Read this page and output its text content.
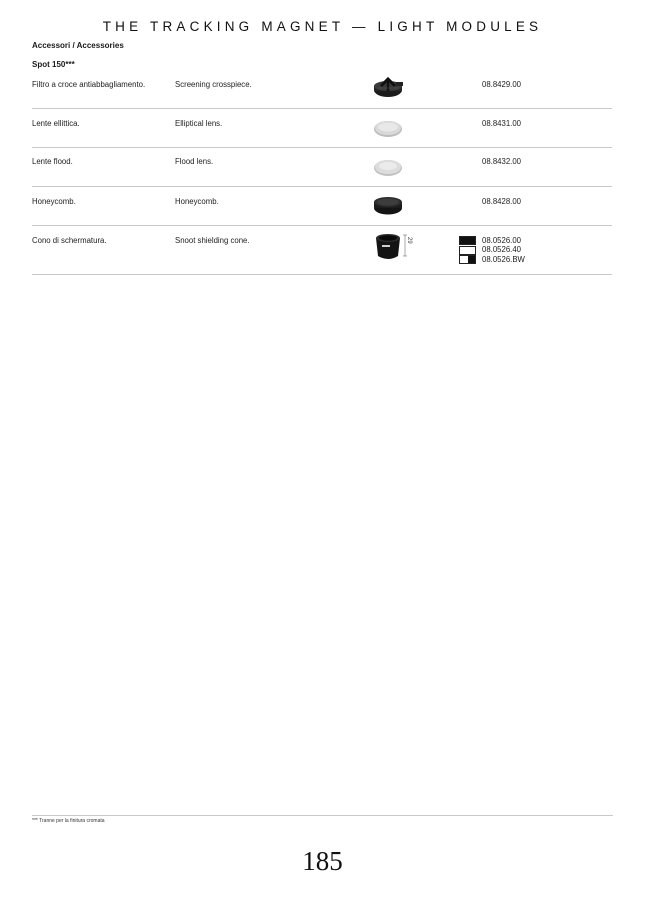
THE TRACKING MAGNET — LIGHT MODULES
Accessori / Accessories
Spot 150***
Filtro a croce antiabbagliamento.	Screening crosspiece.	08.8429.00
Lente ellittica.	Elliptical lens.	08.8431.00
Lente flood.	Flood lens.	08.8432.00
Honeycomb.	Honeycomb.	08.8428.00
Cono di schermatura.	Snoot shielding cone.	29	08.0526.00
08.0526.40
08.0526.BW
*** Tranne per la finitura cromata
185
